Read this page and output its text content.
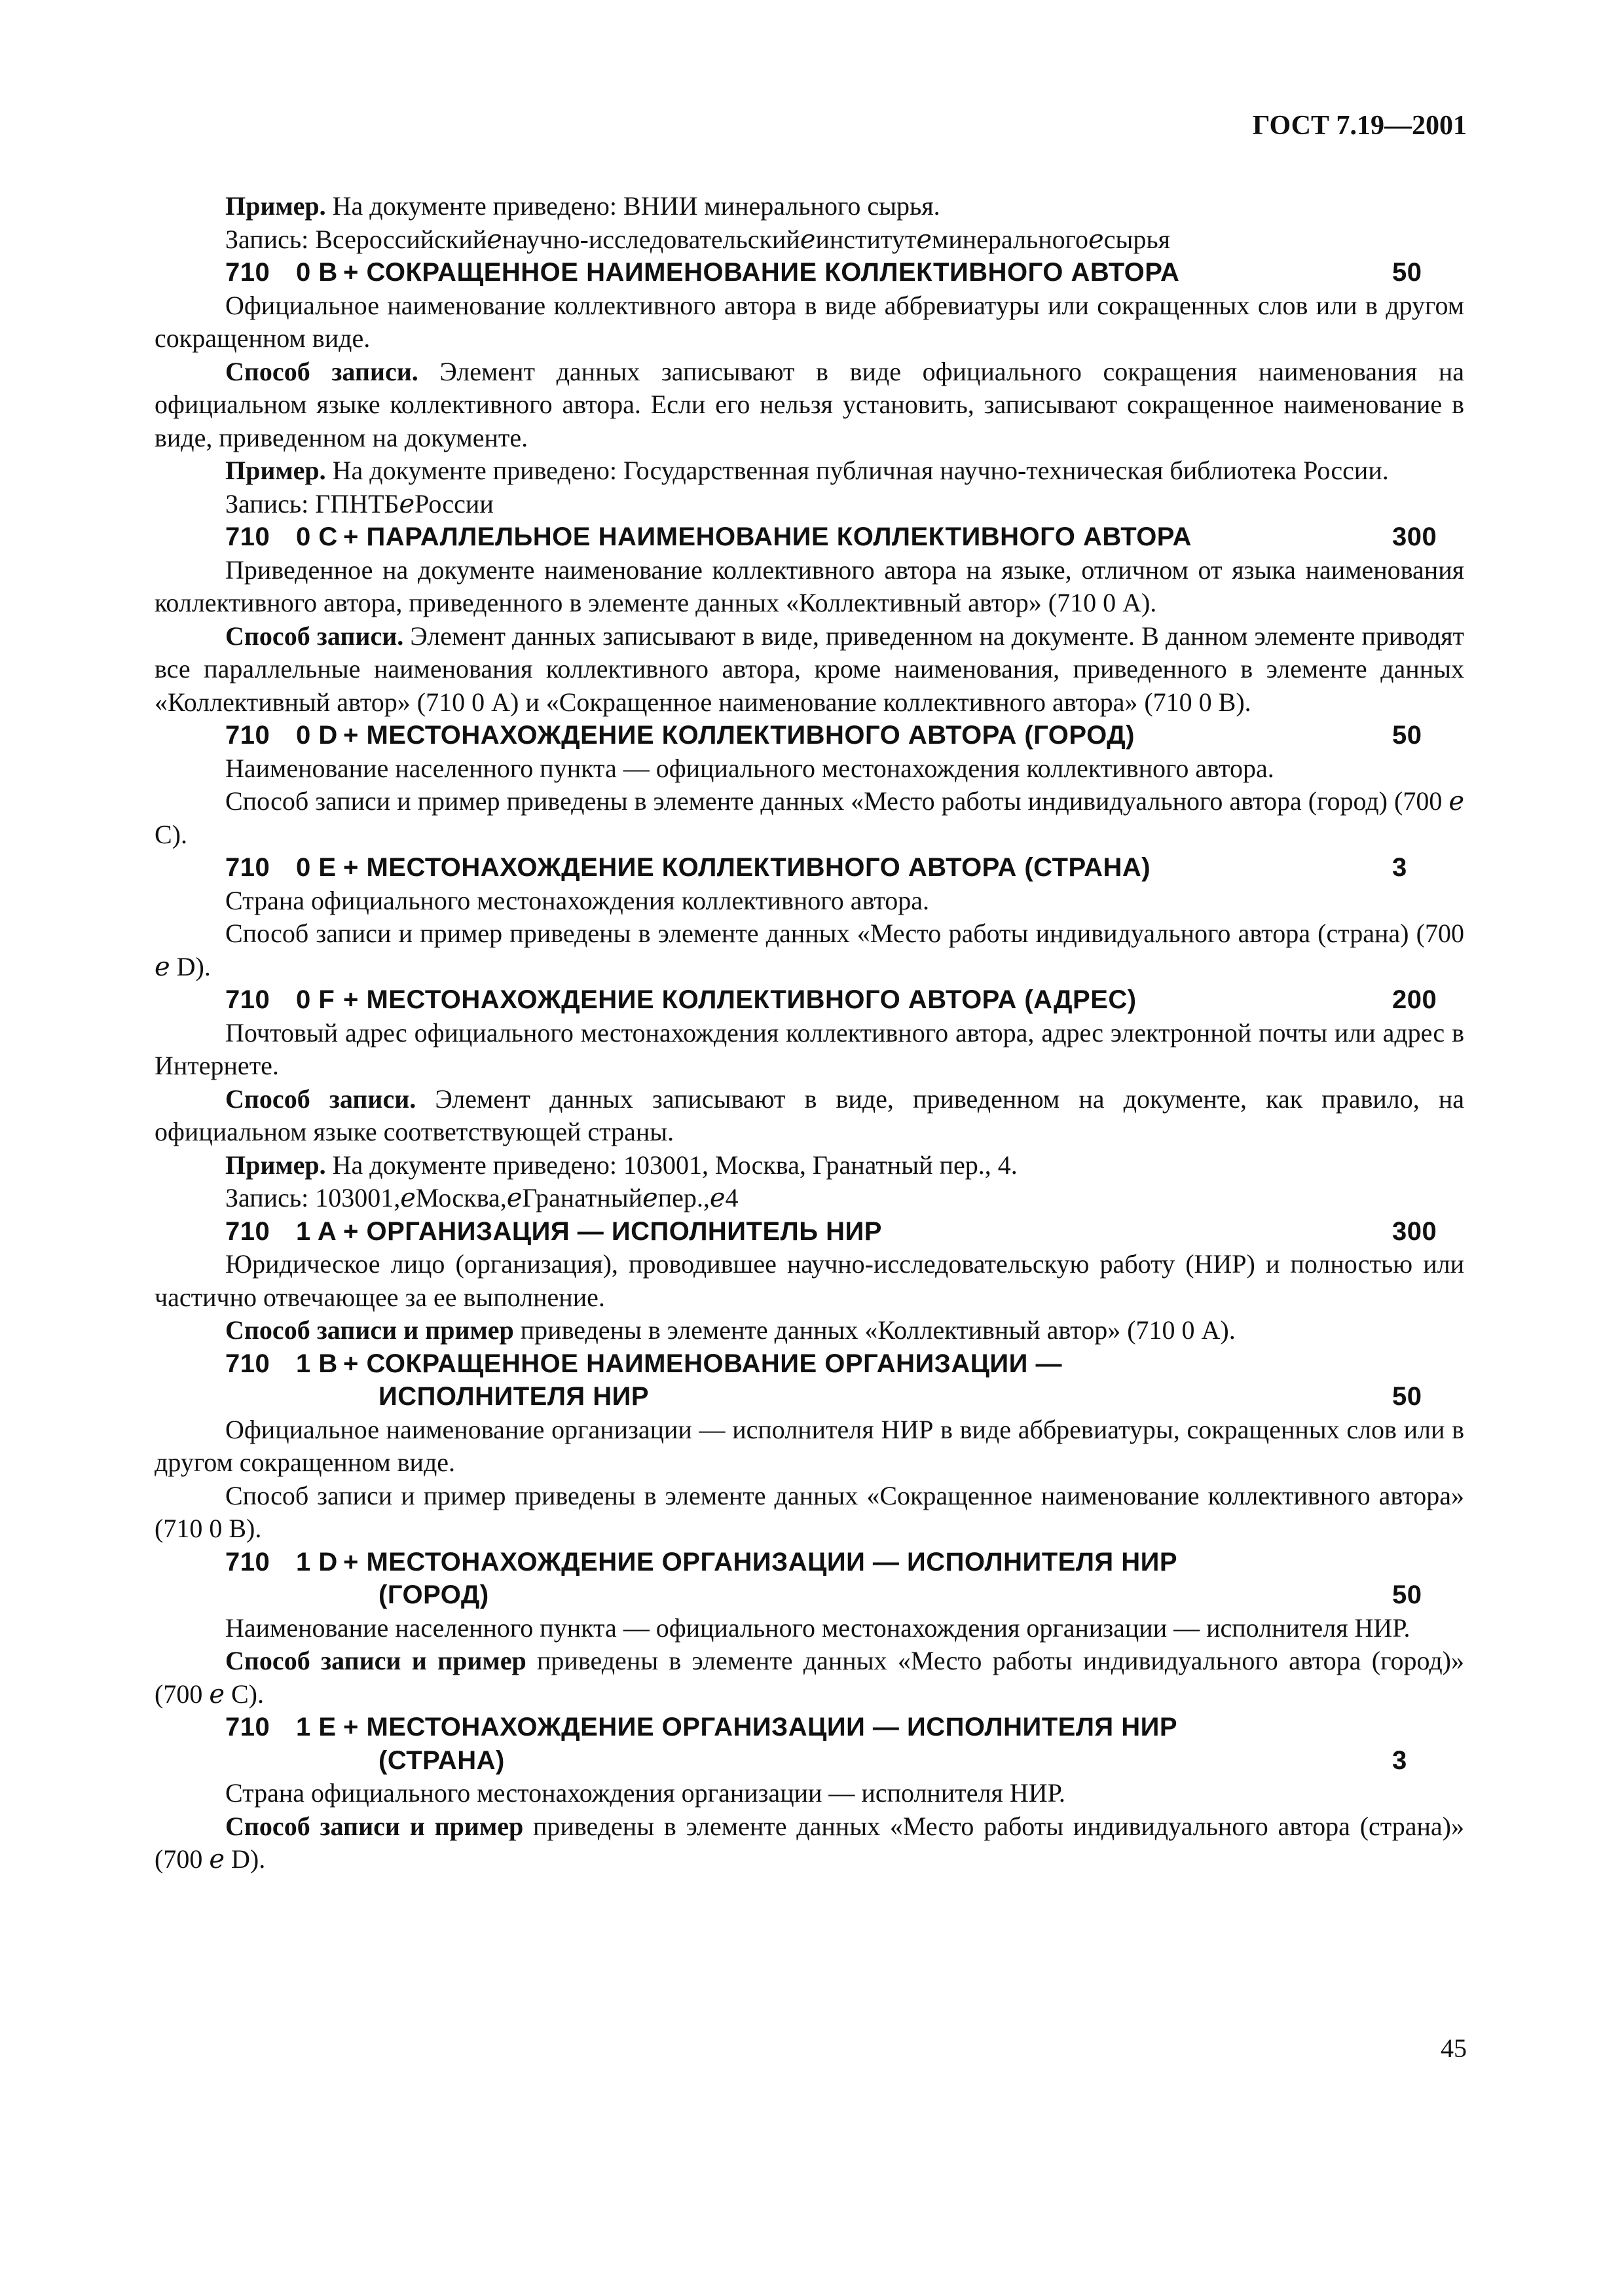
ГОСТ 7.19—2001
Пример. На документе приведено: ВНИИ минерального сырья.
Запись: Всероссийскийℯнаучно-исследовательскийℯинститутℯминеральногоℯсырья
710 0 B + СОКРАЩЕННОЕ НАИМЕНОВАНИЕ КОЛЛЕКТИВНОГО АВТОРА	50
Официальное наименование коллективного автора в виде аббревиатуры или сокращенных слов или в другом сокращенном виде.
Способ записи. Элемент данных записывают в виде официального сокращения наименования на официальном языке коллективного автора. Если его нельзя установить, записывают сокращенное наименование в виде, приведенном на документе.
Пример. На документе приведено: Государственная публичная научно-техническая библиотека России.
Запись: ГПНТБℯРоссии
710 0 C + ПАРАЛЛЕЛЬНОЕ НАИМЕНОВАНИЕ КОЛЛЕКТИВНОГО АВТОРА	300
Приведенное на документе наименование коллективного автора на языке, отличном от языка наименования коллективного автора, приведенного в элементе данных «Коллективный автор» (710 0 A).
Способ записи. Элемент данных записывают в виде, приведенном на документе. В данном элементе приводят все параллельные наименования коллективного автора, кроме наименования, приведенного в элементе данных «Коллективный автор» (710 0 A) и «Сокращенное наименование коллективного автора» (710 0 B).
710 0 D + МЕСТОНАХОЖДЕНИЕ КОЛЛЕКТИВНОГО АВТОРА (ГОРОД)	50
Наименование населенного пункта — официального местонахождения коллективного автора.
Способ записи и пример приведены в элементе данных «Место работы индивидуального автора (город) (700 ℯ C).
710 0 E + МЕСТОНАХОЖДЕНИЕ КОЛЛЕКТИВНОГО АВТОРА (СТРАНА)	3
Страна официального местонахождения коллективного автора.
Способ записи и пример приведены в элементе данных «Место работы индивидуального автора (страна) (700 ℯ D).
710 0 F + МЕСТОНАХОЖДЕНИЕ КОЛЛЕКТИВНОГО АВТОРА (АДРЕС)	200
Почтовый адрес официального местонахождения коллективного автора, адрес электронной почты или адрес в Интернете.
Способ записи. Элемент данных записывают в виде, приведенном на документе, как правило, на официальном языке соответствующей страны.
Пример. На документе приведено: 103001, Москва, Гранатный пер., 4.
Запись: 103001,ℯМосква,ℯГранатныйℯпер.,ℯ4
710 1 A + ОРГАНИЗАЦИЯ — ИСПОЛНИТЕЛЬ НИР	300
Юридическое лицо (организация), проводившее научно-исследовательскую работу (НИР) и полностью или частично отвечающее за ее выполнение.
Способ записи и пример приведены в элементе данных «Коллективный автор» (710 0 A).
710 1 B + СОКРАЩЕННОЕ НАИМЕНОВАНИЕ ОРГАНИЗАЦИИ —
ИСПОЛНИТЕЛЯ НИР	50
Официальное наименование организации — исполнителя НИР в виде аббревиатуры, сокращенных слов или в другом сокращенном виде.
Способ записи и пример приведены в элементе данных «Сокращенное наименование коллективного автора» (710 0 B).
710 1 D + МЕСТОНАХОЖДЕНИЕ ОРГАНИЗАЦИИ — ИСПОЛНИТЕЛЯ НИР
(ГОРОД)	50
Наименование населенного пункта — официального местонахождения организации — исполнителя НИР.
Способ записи и пример приведены в элементе данных «Место работы индивидуального автора (город)» (700 ℯ C).
710 1 E + МЕСТОНАХОЖДЕНИЕ ОРГАНИЗАЦИИ — ИСПОЛНИТЕЛЯ НИР
(СТРАНА)	3
Страна официального местонахождения организации — исполнителя НИР.
Способ записи и пример приведены в элементе данных «Место работы индивидуального автора (страна)» (700 ℯ D).
45
